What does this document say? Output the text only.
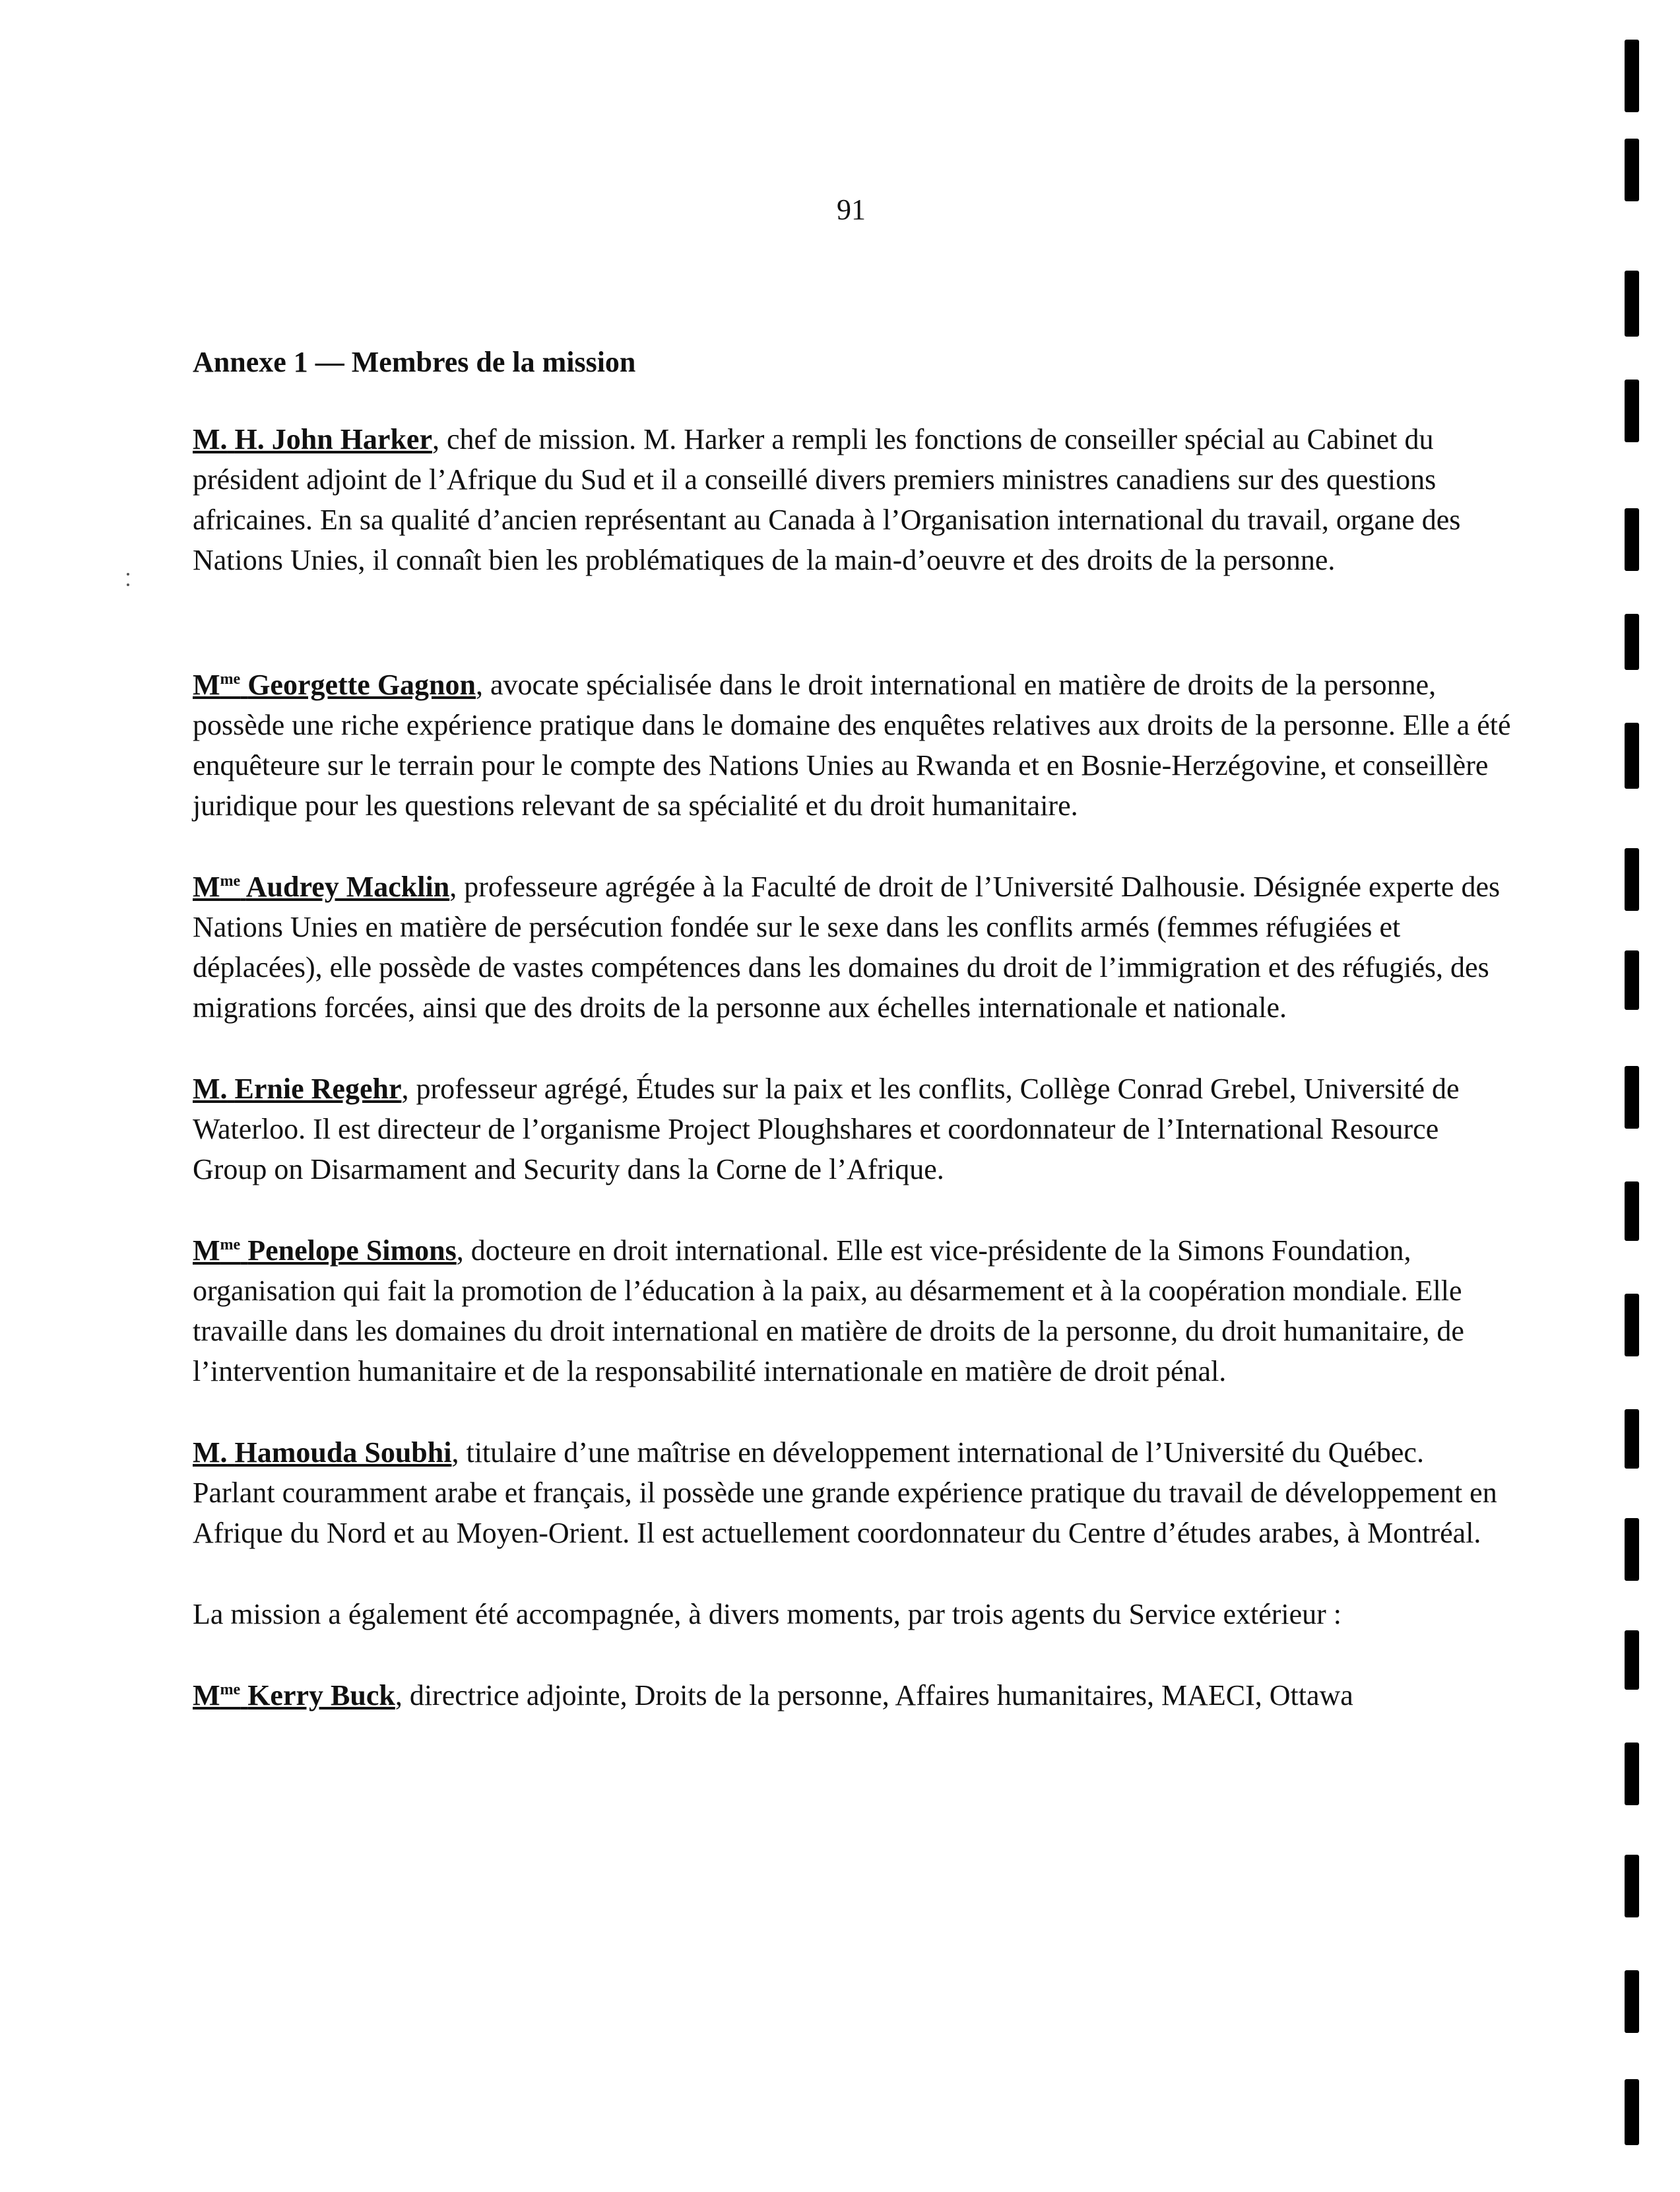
91

Annexe 1 — Membres de la mission

M. H. John Harker, chef de mission. M. Harker a rempli les fonctions de conseiller spécial au Cabinet du président adjoint de l’Afrique du Sud et il a conseillé divers premiers ministres canadiens sur des questions africaines. En sa qualité d’ancien représentant au Canada à l’Organisation international du travail, organe des Nations Unies, il connaît bien les problématiques de la main-d’oeuvre et des droits de la personne.

$M^{me}$ Georgette Gagnon, avocate spécialisée dans le droit international en matière de droits de la personne, possède une riche expérience pratique dans le domaine des enquêtes relatives aux droits de la personne. Elle a été enquêteure sur le terrain pour le compte des Nations Unies au Rwanda et en Bosnie-Herzégovine, et conseillère juridique pour les questions relevant de sa spécialité et du droit humanitaire.

$M^{me}$ Audrey Macklin, professeure agrégée à la Faculté de droit de l’Université Dalhousie. Désignée experte des Nations Unies en matière de persécution fondée sur le sexe dans les conflits armés (femmes réfugiées et déplacées), elle possède de vastes compétences dans les domaines du droit de l’immigration et des réfugiés, des migrations forcées, ainsi que des droits de la personne aux échelles internationale et nationale.

M. Ernie Regehr, professeur agrégé, Études sur la paix et les conflits, Collège Conrad Grebel, Université de Waterloo. Il est directeur de l’organisme Project Ploughshares et coordonnateur de l’International Resource Group on Disarmament and Security dans la Corne de l’Afrique.

$M^{me}$ Penelope Simons, docteure en droit international. Elle est vice-présidente de la Simons Foundation, organisation qui fait la promotion de l’éducation à la paix, au désarmement et à la coopération mondiale. Elle travaille dans les domaines du droit international en matière de droits de la personne, du droit humanitaire, de l’intervention humanitaire et de la responsabilité internationale en matière de droit pénal.

M. Hamouda Soubhi, titulaire d’une maîtrise en développement international de l’Université du Québec. Parlant couramment arabe et français, il possède une grande expérience pratique du travail de développement en Afrique du Nord et au Moyen-Orient. Il est actuellement coordonnateur du Centre d’études arabes, à Montréal.

La mission a également été accompagnée, à divers moments, par trois agents du Service extérieur :

$M^{me}$ Kerry Buck, directrice adjointe, Droits de la personne, Affaires humanitaires, MAECI, Ottawa
